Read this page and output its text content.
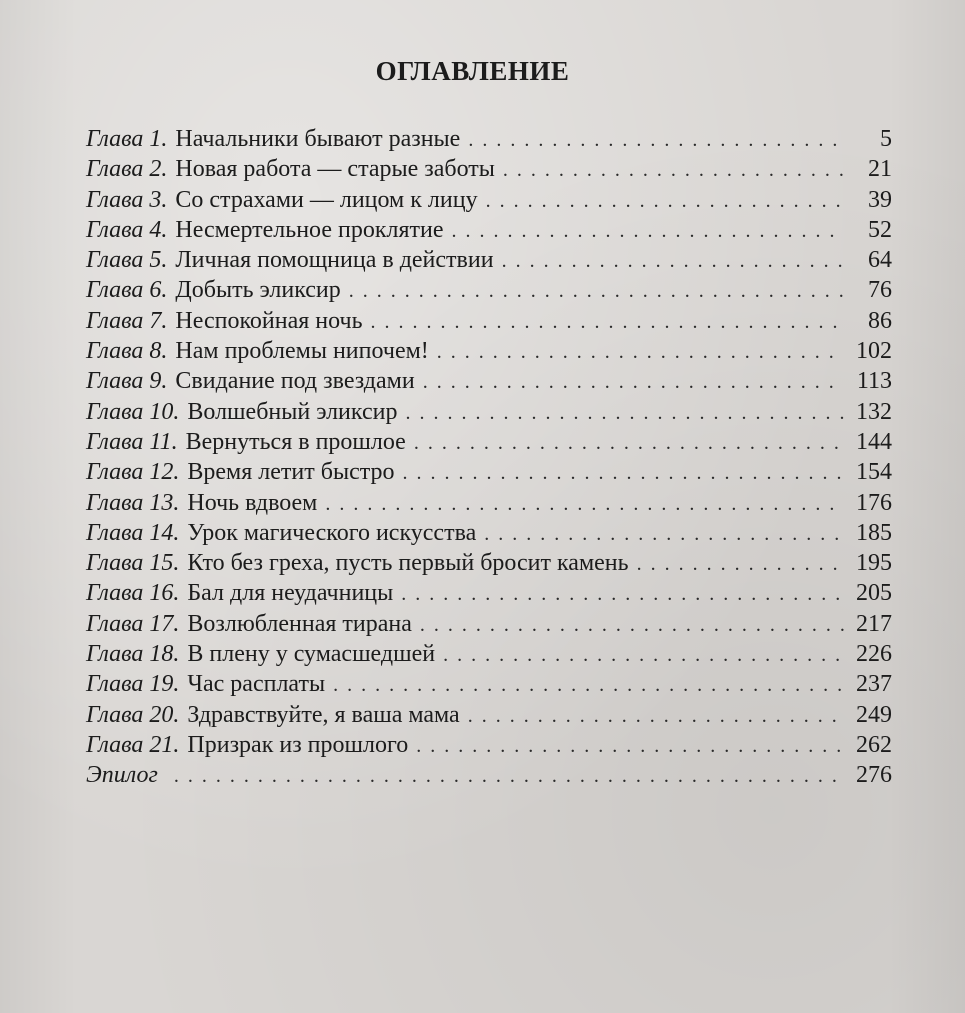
ОГЛАВЛЕНИЕ
Глава 1. Начальники бывают разные . . .	5
Глава 2. Новая работа — старые заботы . . .	21
Глава 3. Со страхами — лицом к лицу . . .	39
Глава 4. Несмертельное проклятие . . .	52
Глава 5. Личная помощница в действии . . .	64
Глава 6. Добыть эликсир . . .	76
Глава 7. Неспокойная ночь . . .	86
Глава 8. Нам проблемы нипочем! . . .	102
Глава 9. Свидание под звездами . . .	113
Глава 10. Волшебный эликсир . . .	132
Глава 11. Вернуться в прошлое . . .	144
Глава 12. Время летит быстро . . .	154
Глава 13. Ночь вдвоем . . .	176
Глава 14. Урок магического искусства . . .	185
Глава 15. Кто без греха, пусть первый бросит камень . . .	195
Глава 16. Бал для неудачницы . . .	205
Глава 17. Возлюбленная тирана . . .	217
Глава 18. В плену у сумасшедшей . . .	226
Глава 19. Час расплаты . . .	237
Глава 20. Здравствуйте, я ваша мама . . .	249
Глава 21. Призрак из прошлого . . .	262
Эпилог . . .	276
